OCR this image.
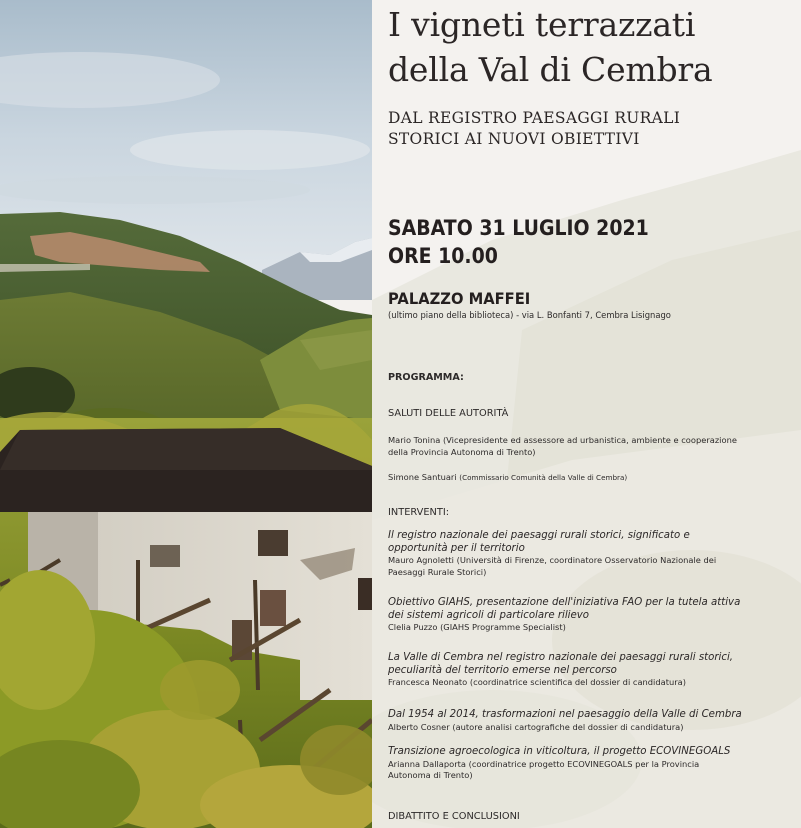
I vigneti terrazzati
della Val di Cembra
DAL REGISTRO PAESAGGI RURALI
STORICI AI NUOVI OBIETTIVI
SABATO 31 LUGLIO 2021
ORE 10.00
PALAZZO MAFFEI
(ultimo piano della biblioteca) - via L. Bonfanti 7, Cembra Lisignago
PROGRAMMA:
SALUTI DELLE AUTORITÀ
Mario Tonina (Vicepresidente ed assessore ad urbanistica, ambiente e cooperazione
della Provincia Autonoma di Trento)
Simone Santuari (Commissario Comunità della Valle di Cembra)
INTERVENTI:
Il registro nazionale dei paesaggi rurali storici, significato e
opportunità per il territorio
Mauro Agnoletti (Università di Firenze, coordinatore Osservatorio Nazionale dei
Paesaggi Rurale Storici)
Obiettivo GIAHS, presentazione dell'iniziativa FAO per la tutela attiva
dei sistemi agricoli di particolare rilievo
Clelia Puzzo (GIAHS Programme Specialist)
La Valle di Cembra nel registro nazionale dei paesaggi rurali storici,
peculiarità del territorio emerse nel percorso
Francesca Neonato (coordinatrice scientifica del dossier di candidatura)
Dal 1954 al 2014, trasformazioni nel paesaggio della Valle di Cembra
Alberto Cosner (autore analisi cartografiche del dossier di candidatura)
Transizione agroecologica in viticoltura, il progetto ECOVINEGOALS
Arianna Dallaporta (coordinatrice progetto ECOVINEGOALS per la Provincia
Autonoma di Trento)
DIBATTITO E CONCLUSIONI
